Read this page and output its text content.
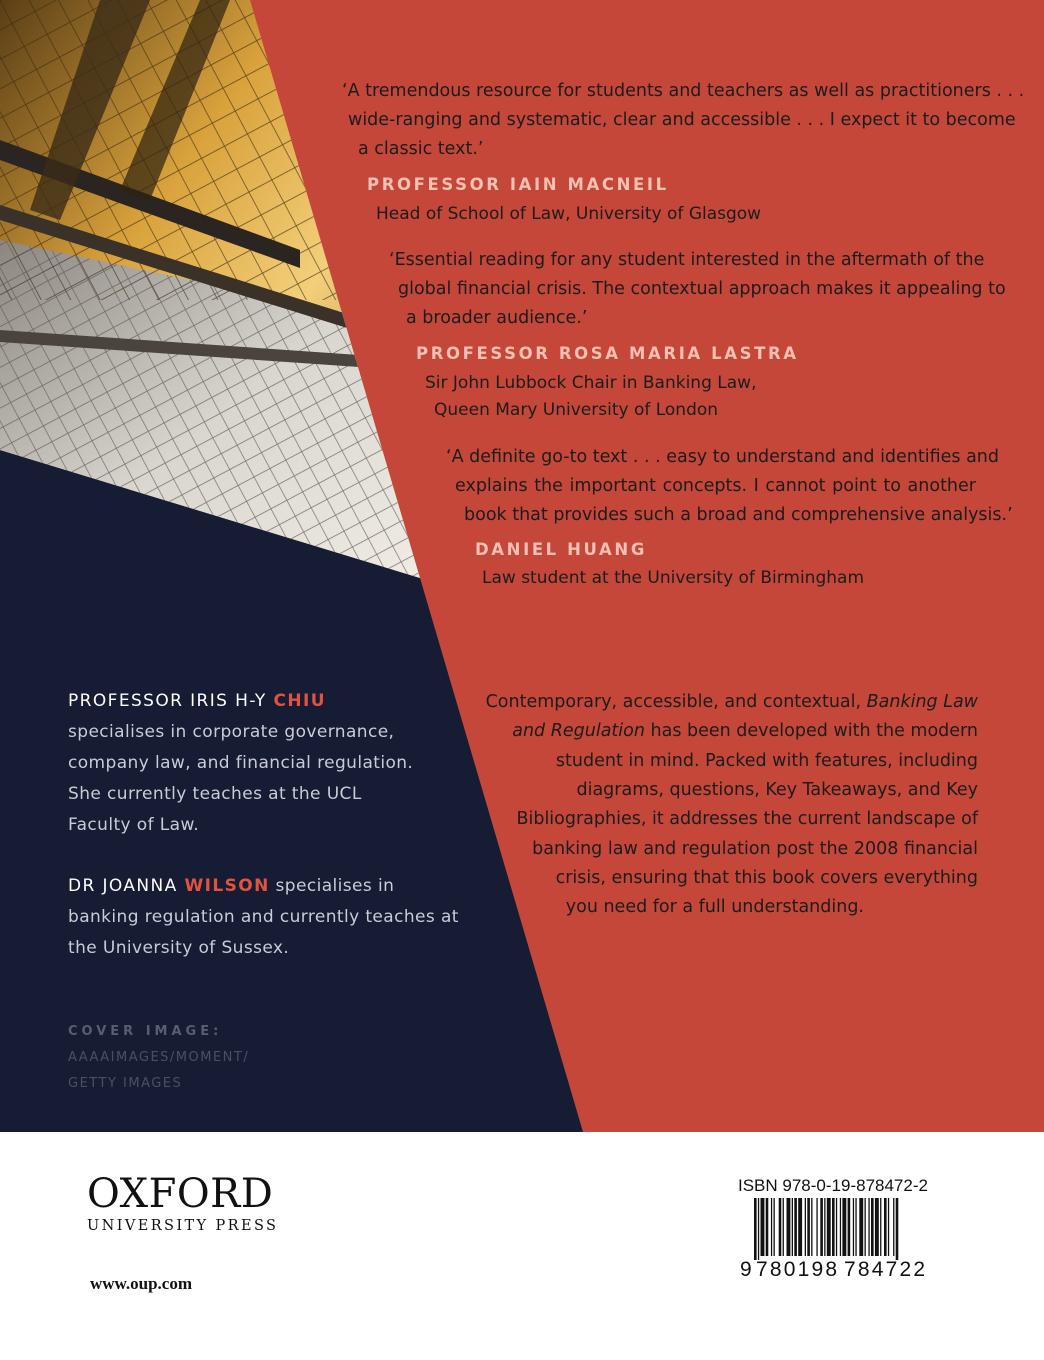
‘A tremendous resource for students and teachers as well as practitioners . . .
wide-ranging and systematic, clear and accessible . . . I expect it to become
a classic text.’
PROFESSOR IAIN MACNEIL
Head of School of Law, University of Glasgow
‘Essential reading for any student interested in the aftermath of the
global financial crisis. The contextual approach makes it appealing to
a broader audience.’
PROFESSOR ROSA MARIA LASTRA
Sir John Lubbock Chair in Banking Law,
Queen Mary University of London
‘A definite go-to text . . . easy to understand and identifies and
explains the important concepts. I cannot point to another
book that provides such a broad and comprehensive analysis.’
DANIEL HUANG
Law student at the University of Birmingham
PROFESSOR IRIS H-Y CHIU
specialises in corporate governance,
company law, and financial regulation.
She currently teaches at the UCL
Faculty of Law.
DR JOANNA WILSON specialises in
banking regulation and currently teaches at
the University of Sussex.
COVER IMAGE:
AAAAIMAGES/MOMENT/
GETTY IMAGES
Contemporary, accessible, and contextual, Banking Law
and Regulation has been developed with the modern
student in mind. Packed with features, including
diagrams, questions, Key Takeaways, and Key
Bibliographies, it addresses the current landscape of
banking law and regulation post the 2008 financial
crisis, ensuring that this book covers everything
you need for a full understanding.
OXFORD
UNIVERSITY PRESS
www.oup.com
ISBN 978-0-19-878472-2
9 780198 784722
